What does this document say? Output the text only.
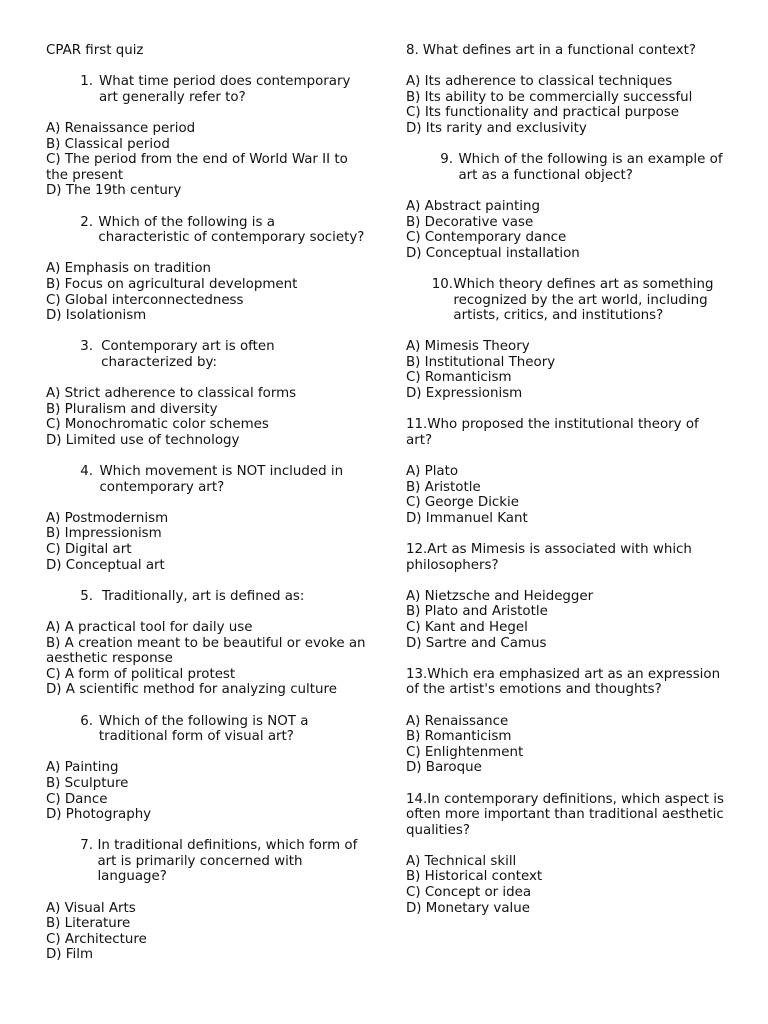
CPAR first quiz
1. What time period does contemporary art generally refer to?
A) Renaissance period
B) Classical period
C) The period from the end of World War II to the present
D) The 19th century
2. Which of the following is a characteristic of contemporary society?
A) Emphasis on tradition
B) Focus on agricultural development
C) Global interconnectedness
D) Isolationism
3. Contemporary art is often characterized by:
A) Strict adherence to classical forms
B) Pluralism and diversity
C) Monochromatic color schemes
D) Limited use of technology
4. Which movement is NOT included in contemporary art?
A) Postmodernism
B) Impressionism
C) Digital art
D) Conceptual art
5. Traditionally, art is defined as:
A) A practical tool for daily use
B) A creation meant to be beautiful or evoke an aesthetic response
C) A form of political protest
D) A scientific method for analyzing culture
6. Which of the following is NOT a traditional form of visual art?
A) Painting
B) Sculpture
C) Dance
D) Photography
7. In traditional definitions, which form of art is primarily concerned with language?
A) Visual Arts
B) Literature
C) Architecture
D) Film
8. What defines art in a functional context?
A) Its adherence to classical techniques
B) Its ability to be commercially successful
C) Its functionality and practical purpose
D) Its rarity and exclusivity
9. Which of the following is an example of art as a functional object?
A) Abstract painting
B) Decorative vase
C) Contemporary dance
D) Conceptual installation
10. Which theory defines art as something recognized by the art world, including artists, critics, and institutions?
A) Mimesis Theory
B) Institutional Theory
C) Romanticism
D) Expressionism
11.Who proposed the institutional theory of art?
A) Plato
B) Aristotle
C) George Dickie
D) Immanuel Kant
12.Art as Mimesis is associated with which philosophers?
A) Nietzsche and Heidegger
B) Plato and Aristotle
C) Kant and Hegel
D) Sartre and Camus
13.Which era emphasized art as an expression of the artist's emotions and thoughts?
A) Renaissance
B) Romanticism
C) Enlightenment
D) Baroque
14.In contemporary definitions, which aspect is often more important than traditional aesthetic qualities?
A) Technical skill
B) Historical context
C) Concept or idea
D) Monetary value
